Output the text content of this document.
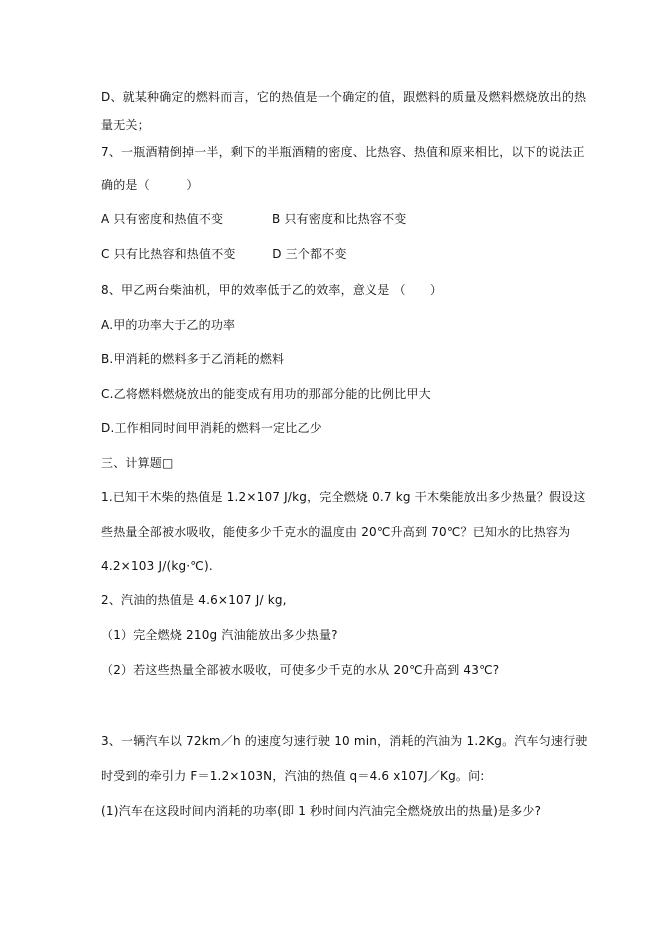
D、就某种确定的燃料而言，它的热值是一个确定的值，跟燃料的质量及燃料燃烧放出的热
量无关；
7、一瓶酒精倒掉一半，剩下的半瓶酒精的密度、比热容、热值和原来相比，以下的说法正
确的是（　　　）
A 只有密度和热值不变　　　　B 只有密度和比热容不变
C 只有比热容和热值不变　　　D 三个都不变
8、甲乙两台柴油机，甲的效率低于乙的效率，意义是 （　　）
A.甲的功率大于乙的功率
B.甲消耗的燃料多于乙消耗的燃料
C.乙将燃料燃烧放出的能变成有用功的那部分能的比例比甲大
D.工作相同时间甲消耗的燃料一定比乙少
三、计算题□
1.已知干木柴的热值是 1.2×107 J/kg，完全燃烧 0.7 kg 干木柴能放出多少热量？假设这
些热量全部被水吸收，能使多少千克水的温度由 20℃升高到 70℃？已知水的比热容为
4.2×103 J/(kg·℃).
2、汽油的热值是 4.6×107 J/ kg,
（1）完全燃烧 210g 汽油能放出多少热量?
（2）若这些热量全部被水吸收，可使多少千克的水从 20℃升高到 43℃?
3、一辆汽车以 72km／h 的速度匀速行驶 10 min，消耗的汽油为 1.2Kg。汽车匀速行驶
时受到的牵引力 F＝1.2×103N，汽油的热值 q＝4.6 x107J／Kg。问:
(1)汽车在这段时间内消耗的功率(即 1 秒时间内汽油完全燃烧放出的热量)是多少?
